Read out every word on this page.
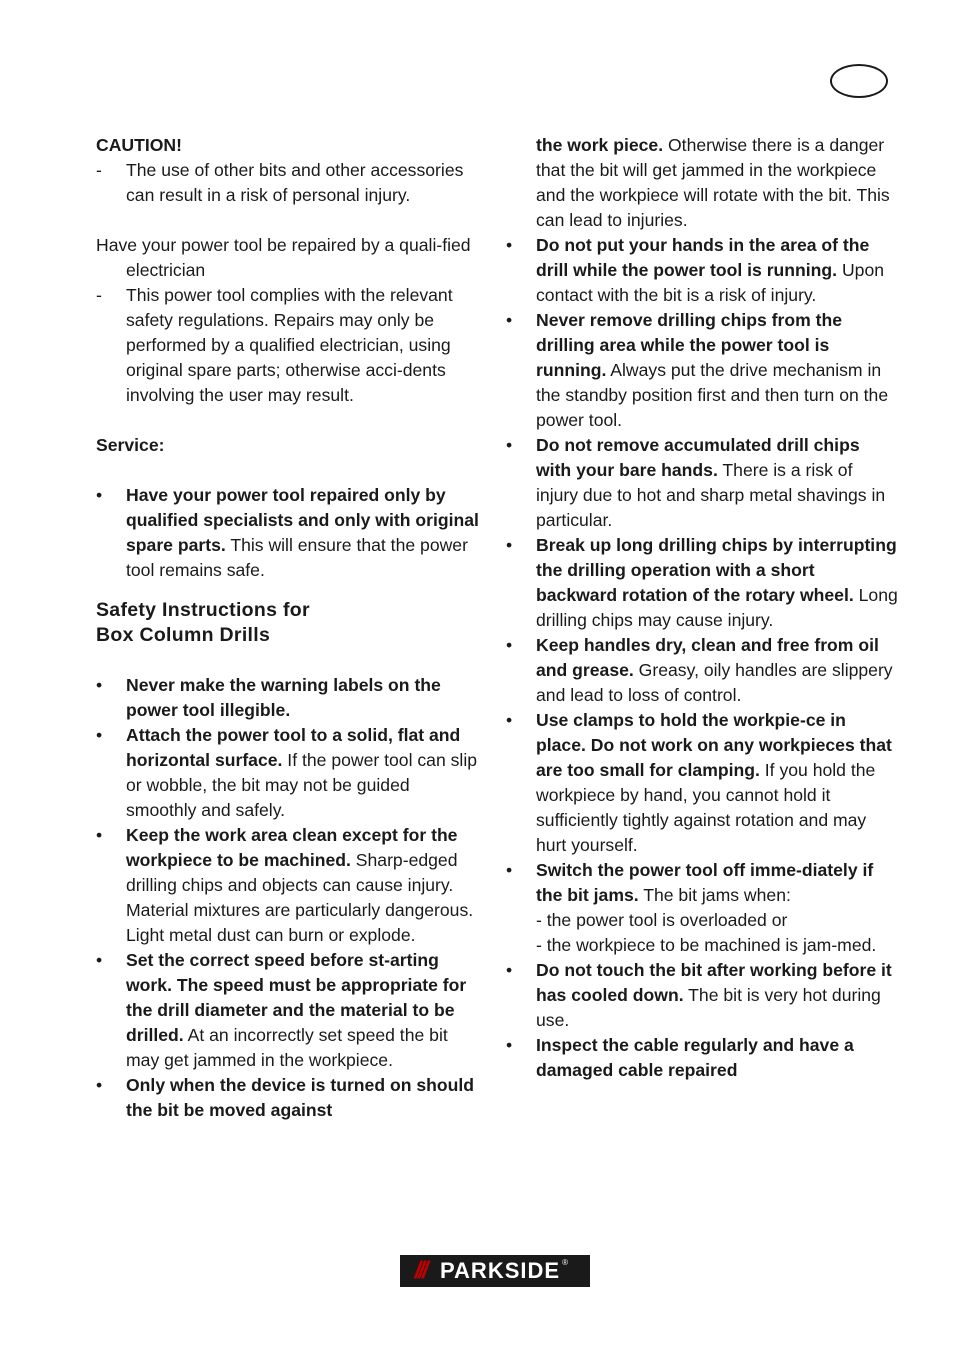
CAUTION!

-	The use of other bits and other accessories can result in a risk of personal injury.

Have your power tool be repaired by a quali-fied electrician

-	This power tool complies with the relevant safety regulations. Repairs may only be performed by a qualified electrician, using original spare parts; otherwise acci-dents involving the user may result.

Service:

•	Have your power tool repaired only by qualified specialists and only with original spare parts. This will ensure that the power tool remains safe.
Safety Instructions for
Box Column Drills
•	Never make the warning labels on the power tool illegible.
•	Attach the power tool to a solid, flat and horizontal surface. If the power tool can slip or wobble, the bit may not be guided smoothly and safely.
•	Keep the work area clean except for the workpiece to be machined. Sharp-edged drilling chips and objects can cause injury. Material mixtures are particularly dangerous. Light metal dust can burn or explode.
•	Set the correct speed before st-arting work. The speed must be appropriate for the drill diameter and the material to be drilled. At an incorrectly set speed the bit may get jammed in the workpiece.
•	Only when the device is turned on should the bit be moved against
the work piece. Otherwise there is a danger that the bit will get jammed in the workpiece and the workpiece will rotate with the bit. This can lead to injuries.
•	Do not put your hands in the area of the drill while the power tool is running. Upon contact with the bit is a risk of injury.
•	Never remove drilling chips from the drilling area while the power tool is running. Always put the drive mechanism in the standby position first and then turn on the power tool.
•	Do not remove accumulated drill chips with your bare hands. There is a risk of injury due to hot and sharp metal shavings in particular.
•	Break up long drilling chips by interrupting the drilling operation with a short backward rotation of the rotary wheel. Long drilling chips may cause injury.
•	Keep handles dry, clean and free from oil and grease. Greasy, oily handles are slippery and lead to loss of control.
•	Use clamps to hold the workpie-ce in place. Do not work on any workpieces that are too small for clamping. If you hold the workpiece by hand, you cannot hold it sufficiently tightly against rotation and may hurt yourself.
•	Switch the power tool off imme-diately if the bit jams. The bit jams when:

- the power tool is overloaded or

- the workpiece to be machined is jam-med.

•	Do not touch the bit after working before it has cooled down. The bit is very hot during use.
•	Inspect the cable regularly and have a damaged cable repaired
/// PARKSIDE ®
